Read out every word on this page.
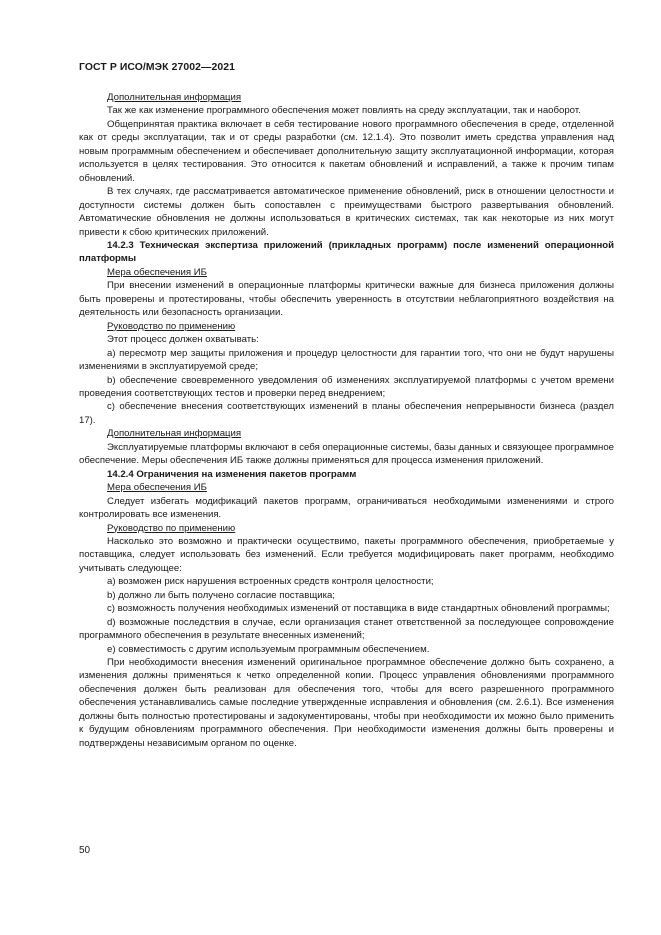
ГОСТ Р ИСО/МЭК 27002—2021

Дополнительная информация

Так же как изменение программного обеспечения может повлиять на среду эксплуатации, так и наоборот.

Общепринятая практика включает в себя тестирование нового программного обеспечения в среде, отделенной как от среды эксплуатации, так и от среды разработки (см. 12.1.4). Это позволит иметь средства управления над новым программным обеспечением и обеспечивает дополнительную защиту эксплуатационной информации, которая используется в целях тестирования. Это относится к пакетам обновлений и исправлений, а также к прочим типам обновлений.

В тех случаях, где рассматривается автоматическое применение обновлений, риск в отношении целостности и доступности системы должен быть сопоставлен с преимуществами быстрого развертывания обновлений. Автоматические обновления не должны использоваться в критических системах, так как некоторые из них могут привести к сбою критических приложений.

14.2.3 Техническая экспертиза приложений (прикладных программ) после изменений операционной платформы

Мера обеспечения ИБ

При внесении изменений в операционные платформы критически важные для бизнеса приложения должны быть проверены и протестированы, чтобы обеспечить уверенность в отсутствии неблагоприятного воздействия на деятельность или безопасность организации.

Руководство по применению

Этот процесс должен охватывать:

a) пересмотр мер защиты приложения и процедур целостности для гарантии того, что они не будут нарушены изменениями в эксплуатируемой среде;

b) обеспечение своевременного уведомления об изменениях эксплуатируемой платформы с учетом времени проведения соответствующих тестов и проверки перед внедрением;

c) обеспечение внесения соответствующих изменений в планы обеспечения непрерывности бизнеса (раздел 17).

Дополнительная информация

Эксплуатируемые платформы включают в себя операционные системы, базы данных и связующее программное обеспечение. Меры обеспечения ИБ также должны применяться для процесса изменения приложений.

14.2.4 Ограничения на изменения пакетов программ

Мера обеспечения ИБ

Следует избегать модификаций пакетов программ, ограничиваться необходимыми изменениями и строго контролировать все изменения.

Руководство по применению

Насколько это возможно и практически осуществимо, пакеты программного обеспечения, приобретаемые у поставщика, следует использовать без изменений. Если требуется модифицировать пакет программ, необходимо учитывать следующее:

a) возможен риск нарушения встроенных средств контроля целостности;

b) должно ли быть получено согласие поставщика;

c) возможность получения необходимых изменений от поставщика в виде стандартных обновлений программы;

d) возможные последствия в случае, если организация станет ответственной за последующее сопровождение программного обеспечения в результате внесенных изменений;

e) совместимость с другим используемым программным обеспечением.

При необходимости внесения изменений оригинальное программное обеспечение должно быть сохранено, а изменения должны применяться к четко определенной копии. Процесс управления обновлениями программного обеспечения должен быть реализован для обеспечения того, чтобы для всего разрешенного программного обеспечения устанавливались самые последние утвержденные исправления и обновления (см. 2.6.1). Все изменения должны быть полностью протестированы и задокументированы, чтобы при необходимости их можно было применить к будущим обновлениям программного обеспечения. При необходимости изменения должны быть проверены и подтверждены независимым органом по оценке.

50
